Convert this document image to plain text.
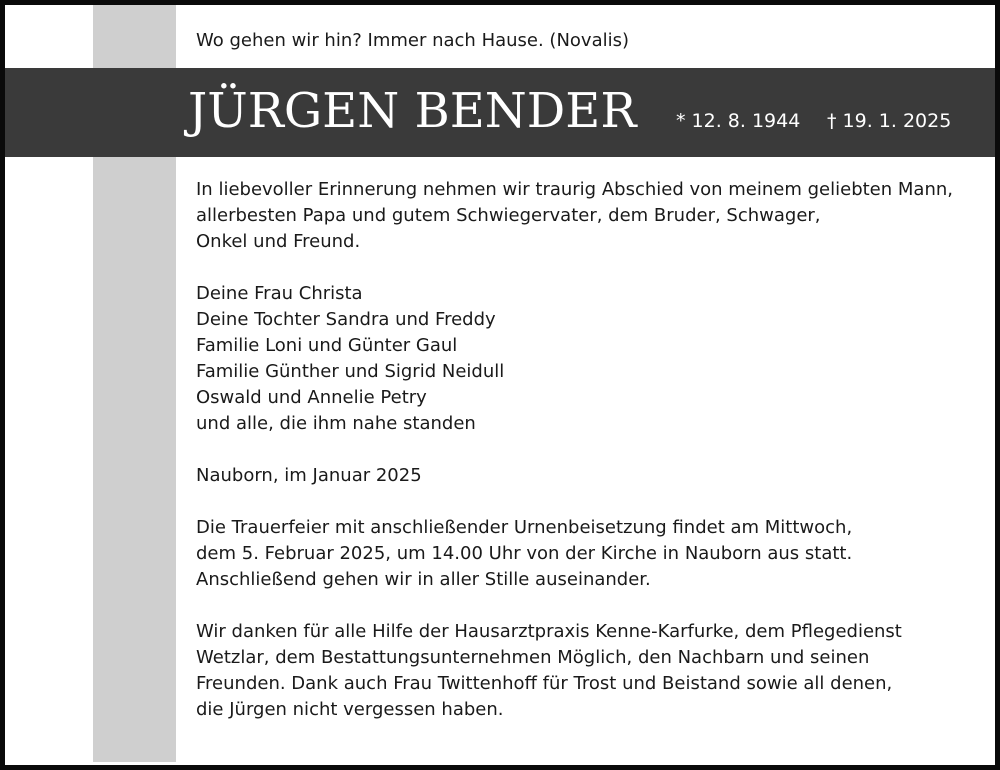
Wo gehen wir hin? Immer nach Hause. (Novalis)
JÜRGEN BENDER * 12. 8. 1944 † 19. 1. 2025

In liebevoller Erinnerung nehmen wir traurig Abschied von meinem geliebten Mann,
allerbesten Papa und gutem Schwiegervater, dem Bruder, Schwager,
Onkel und Freund.

Deine Frau Christa
Deine Tochter Sandra und Freddy
Familie Loni und Günter Gaul
Familie Günther und Sigrid Neidull
Oswald und Annelie Petry
und alle, die ihm nahe standen

Nauborn, im Januar 2025

Die Trauerfeier mit anschließender Urnenbeisetzung findet am Mittwoch,
dem 5. Februar 2025, um 14.00 Uhr von der Kirche in Nauborn aus statt.
Anschließend gehen wir in aller Stille auseinander.

Wir danken für alle Hilfe der Hausarztpraxis Kenne-Karfurke, dem Pflegedienst
Wetzlar, dem Bestattungsunternehmen Möglich, den Nachbarn und seinen
Freunden. Dank auch Frau Twittenhoff für Trost und Beistand sowie all denen,
die Jürgen nicht vergessen haben.
